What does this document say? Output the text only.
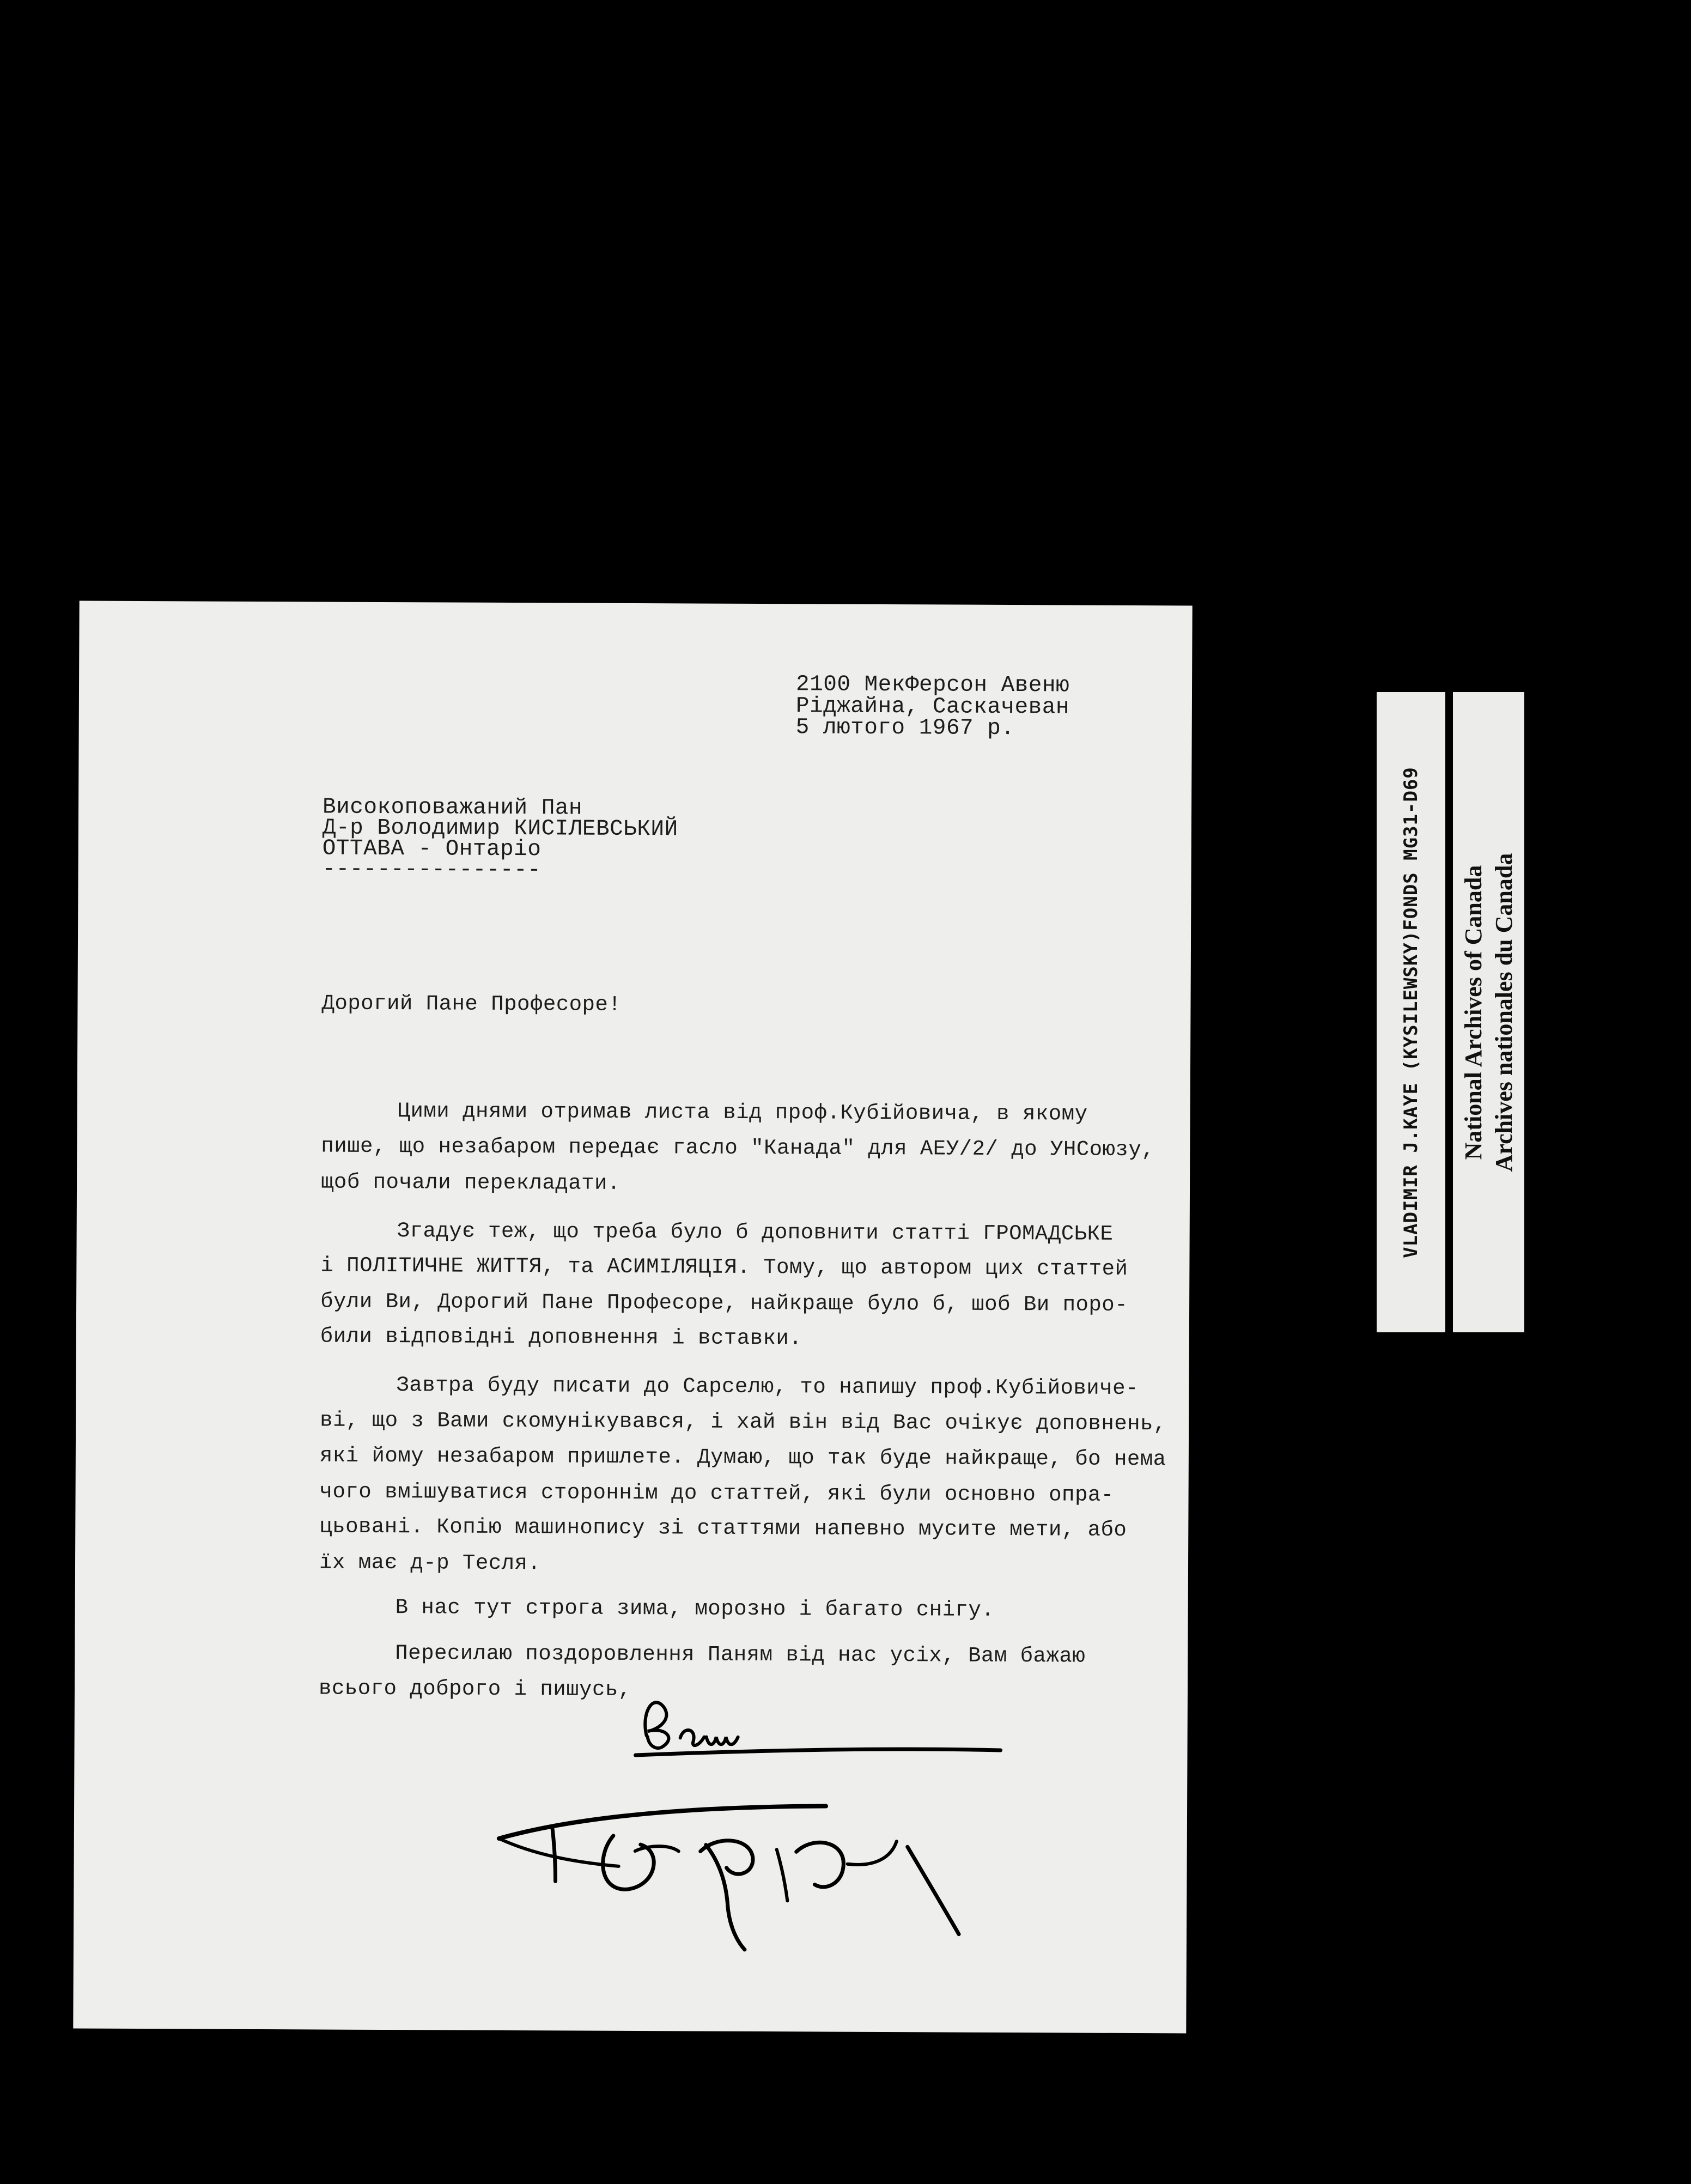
2100 МекФерсон Авеню
Ріджайна, Саскачеван
5 лютого 1967 р.
Високоповажаний Пан
Д-р Володимир КИСІЛЕВСЬКИЙ
ОТТАВА - Онтаріо
----------------
Дорогий Пане Професоре!
Цими днями отримав листа від проф.Кубійовича, в якому
пише, що незабаром передає гасло "Канада" для АЕУ/2/ до УНСоюзу,
щоб почали перекладати.
Згадує теж, що треба було б доповнити статті ГРОМАДСЬКЕ
і ПОЛІТИЧНЕ ЖИТТЯ, та АСИМІЛЯЦІЯ. Тому, що автором цих статтей
були Ви, Дорогий Пане Професоре, найкраще було б, шоб Ви поро-
били відповідні доповнення і вставки.
Завтра буду писати до Сарселю, то напишу проф.Кубійовиче-
ві, що з Вами скомунікувався, і хай він від Вас очікує доповнень,
які йому незабаром пришлете. Думаю, що так буде найкраще, бо нема
чого вмішуватися стороннім до статтей, які були основно опра-
цьовані. Копію машинопису зі статтями напевно мусите мети, або
їх має д-р Тесля.
В нас тут строга зима, морозно і багато снігу.
Пересилаю поздоровлення Паням від нас усіх, Вам бажаю
всього доброго і пишусь,
VLADIMIR J.KAYE (KYSILEWSKY)FONDS MG31-D69 National Archives of Canada Archives nationales du Canada
